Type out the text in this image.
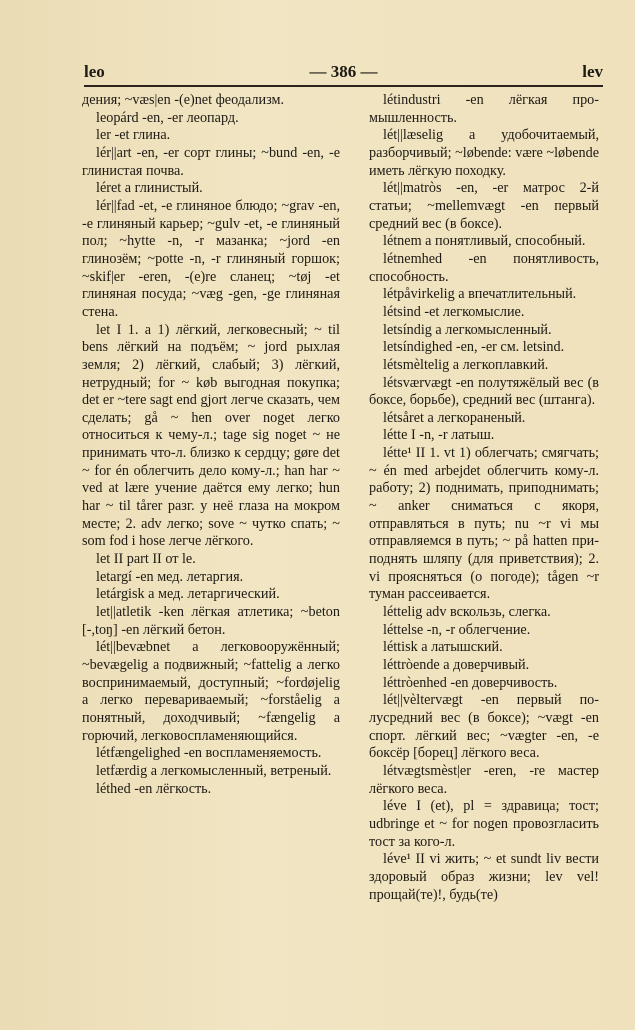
leo	— 386 —	lev

дения; ~væs|en -(e)net феодализм.

leopárd -en, -er леопард.

ler -et глина.

lér||art -en, -er сорт глины; ~bund -en, -e глинистая почва.

léret a глинистый.

lér||fad -et, -e глиняное блюдо; ~grav -en, -e глиняный карьер; ~gulv -et, -e глиняный пол; ~hytte -n, -r мазанка; ~jord -en глинозём; ~potte -n, -r глиняный горшок; ~skif|er -eren, -(e)re сланец; ~tøj -et глиняная посуда; ~væg -gen, -ge глиняная стена.

let I 1. a 1) лёгкий, легковесный; ~ til bens лёгкий на подъём; ~ jord рыхлая земля; 2) лёгкий, слабый; 3) лёгкий, нетрудный; for ~ køb выгодная покупка; det er ~tere sagt end gjort легче сказать, чем сделать; gå ~ hen over noget легко относиться к чему-л.; tage sig noget ~ не принимать что-л. близко к сердцу; gøre det ~ for én облегчить дело кому-л.; han har ~ ved at lære учение даётся ему легко; hun har ~ til tårer разг. у неё глаза на мокром месте; 2. adv легко; sove ~ чутко спать; ~ som fod i hose легче лёгкого.

let II part II от le.

letargí -en мед. летаргия.

letárgisk a мед. летаргический.

let||atletik -ken лёгкая атлетика; ~beton [-,toŋ] -en лёгкий бетон.

lét||bevæbnet a легковооружённый; ~bevægelig a подвижный; ~fattelig a легко воспринимаемый, доступный; ~fordøjelig a легко перевариваемый; ~forståelig a понятный, доходчивый; ~fængelig a горючий, легковоспламеняющийся.

létfængelighed -en воспламеняемость.

letfærdig a легкомысленный, ветреный.

léthed -en лёгкость.

létindustri -en лёгкая промышленность.

lét||læselig a удобочитаемый, разборчивый; ~løbende: være ~løbende иметь лёгкую походку.

lét||matròs -en, -er матрос 2-й статьи; ~mellemvægt -en первый средний вес (в боксе).

létnem a понятливый, способный.

létnemhed -en понятливость, способность.

létpåvirkelig a впечатлительный.

létsind -et легкомыслие.

letsíndig a легкомысленный.

letsíndighed -en, -er см. letsind.

létsmèltelig a легкоплавкий.

létsværvægt -en полутяжёлый вес (в боксе, борьбе), средний вес (штанга).

létsåret a легкораненый.

létte I -n, -r латыш.

létte¹ II 1. vt 1) облегчать; смягчать; ~ én med arbejdet облегчить кому-л. работу; 2) поднимать, приподнимать; ~ anker сниматься с якоря, отправляться в путь; nu ~r vi мы отправляемся в путь; ~ på hatten приподнять шляпу (для приветствия); 2. vi проясняться (о погоде); tågen ~r туман рассеивается.

léttelig adv вскользь, слегка.

léttelse -n, -r облегчение.

léttisk a латышский.

léttròende a доверчивый.

léttròenhed -en доверчивость.

lét||vèltervægt -en первый полусредний вес (в боксе); ~vægt -en спорт. лёгкий вес; ~vægter -en, -e боксёр [борец] лёгкого веса.

létvægtsmèst|er -eren, -re мастер лёгкого веса.

léve I (et), pl = здравица; тост; udbringe et ~ for nogen провозгласить тост за кого-л.

léve¹ II vi жить; ~ et sundt liv вести здоровый образ жизни; lev vel! прощай(те)!, будь(те)
